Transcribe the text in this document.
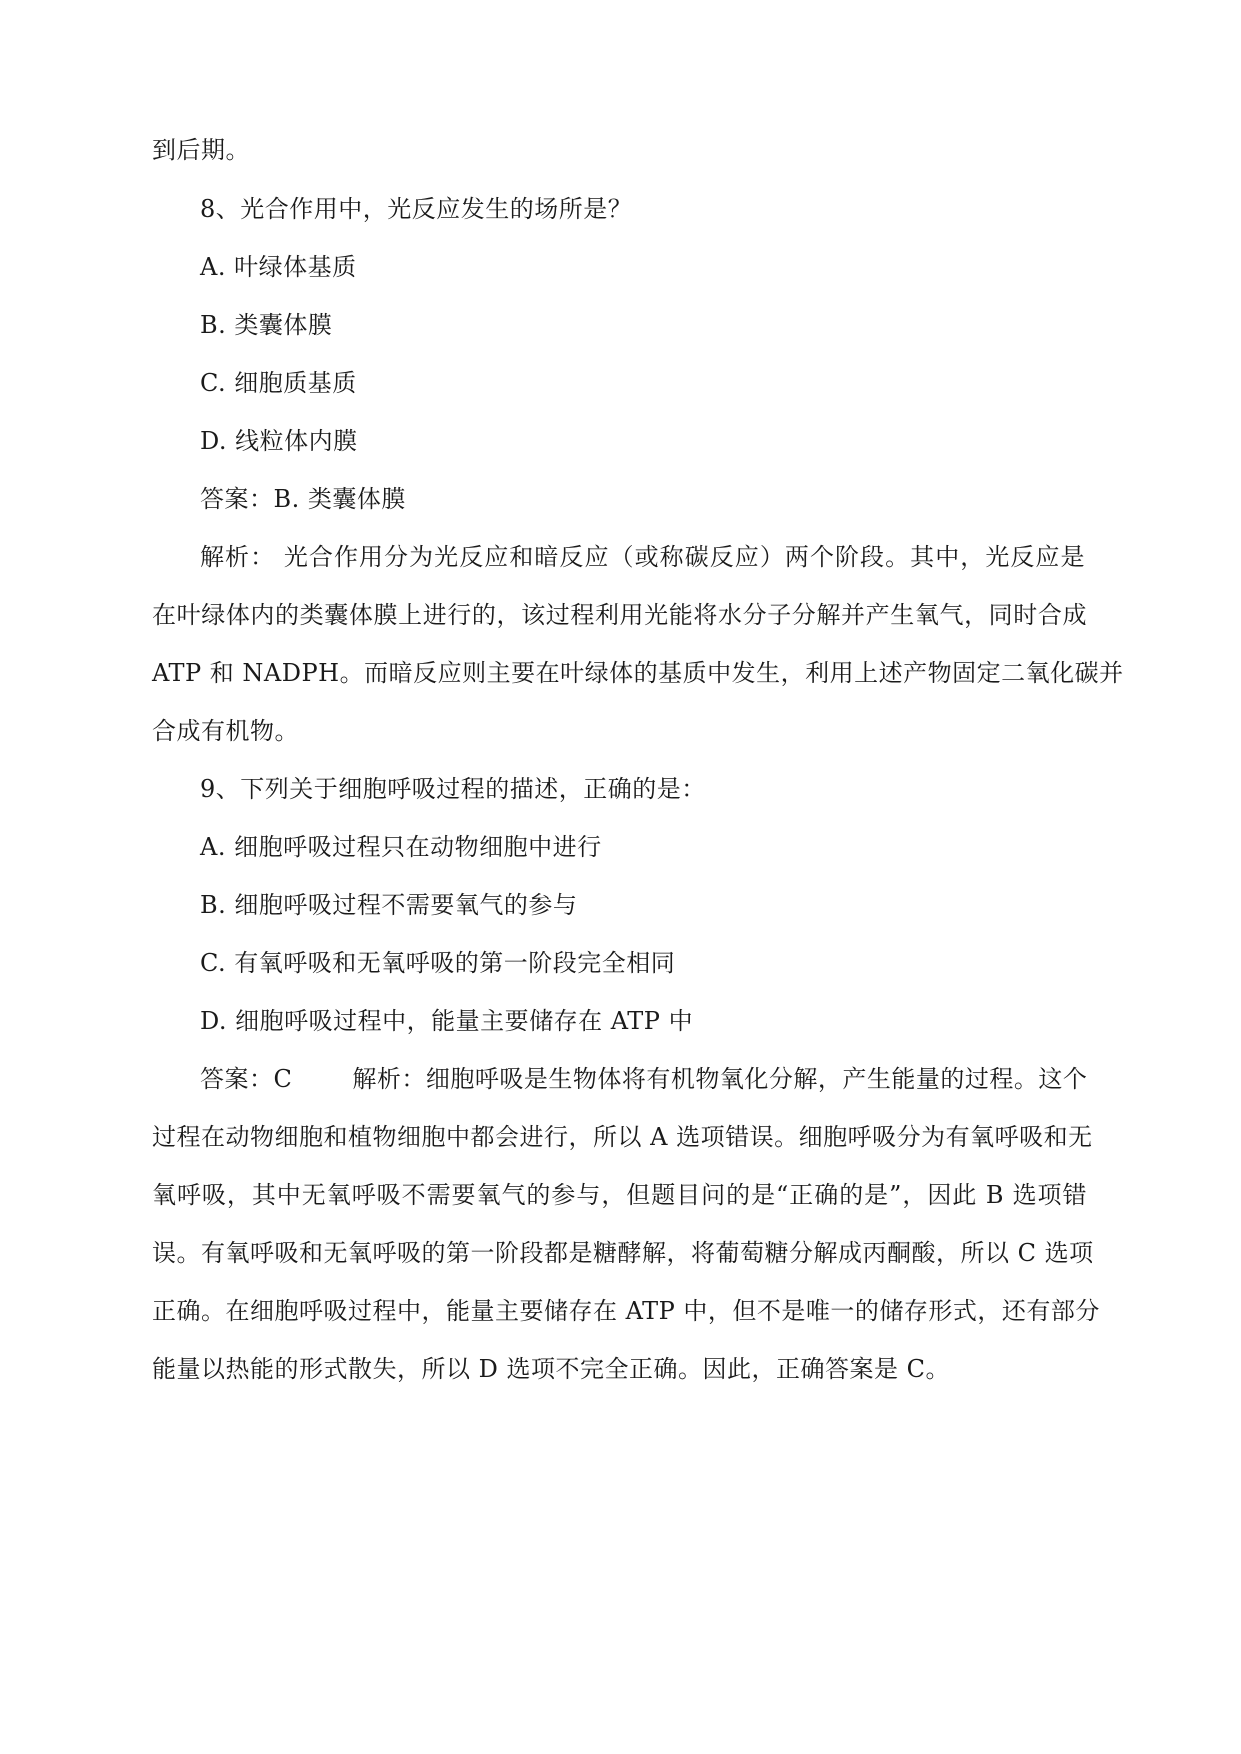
到后期。
8、光合作用中，光反应发生的场所是？
A. 叶绿体基质
B. 类囊体膜
C. 细胞质基质
D. 线粒体内膜
答案：B. 类囊体膜
解析： 光合作用分为光反应和暗反应（或称碳反应）两个阶段。其中，光反应是
在叶绿体内的类囊体膜上进行的，该过程利用光能将水分子分解并产生氧气，同时合成
ATP 和 NADPH。而暗反应则主要在叶绿体的基质中发生，利用上述产物固定二氧化碳并
合成有机物。
9、下列关于细胞呼吸过程的描述，正确的是：
A. 细胞呼吸过程只在动物细胞中进行
B. 细胞呼吸过程不需要氧气的参与
C. 有氧呼吸和无氧呼吸的第一阶段完全相同
D. 细胞呼吸过程中，能量主要储存在 ATP 中
答案：C	解析：细胞呼吸是生物体将有机物氧化分解，产生能量的过程。这个
过程在动物细胞和植物细胞中都会进行，所以 A 选项错误。细胞呼吸分为有氧呼吸和无
氧呼吸，其中无氧呼吸不需要氧气的参与，但题目问的是“正确的是”，因此 B 选项错
误。有氧呼吸和无氧呼吸的第一阶段都是糖酵解，将葡萄糖分解成丙酮酸，所以 C 选项
正确。在细胞呼吸过程中，能量主要储存在 ATP 中，但不是唯一的储存形式，还有部分
能量以热能的形式散失，所以 D 选项不完全正确。因此，正确答案是 C。
